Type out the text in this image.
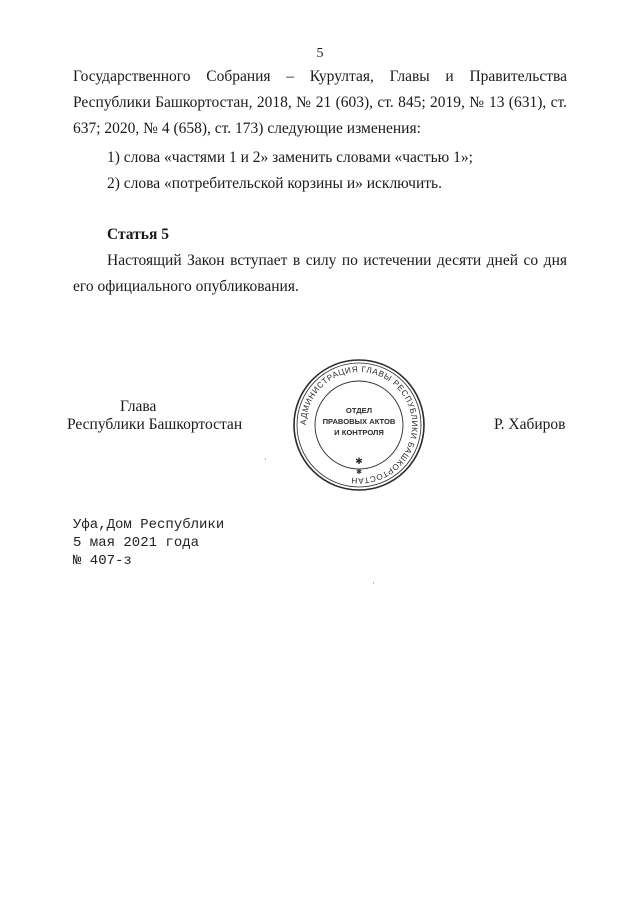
5
Государственного Собрания – Курултая, Главы и Правительства Республики Башкортостан, 2018, № 21 (603), ст. 845; 2019, № 13 (631), ст. 637; 2020, № 4 (658), ст. 173) следующие изменения:
1) слова «частями 1 и 2» заменить словами «частью 1»;
2) слова «потребительской корзины и» исключить.
Статья 5
Настоящий Закон вступает в силу по истечении десяти дней со дня его официального опубликования.
Глава
Республики Башкортостан	АДМИНИСТРАЦИЯ ГЛАВЫ РЕСПУБЛИКИ БАШКОРТОСТАН
ОТДЕЛ
ПРАВОВЫХ АКТОВ
И КОНТРОЛЯ
✱
✱
Р. Хабиров
Уфа,Дом Республики
5 мая 2021 года
№ 407-з
